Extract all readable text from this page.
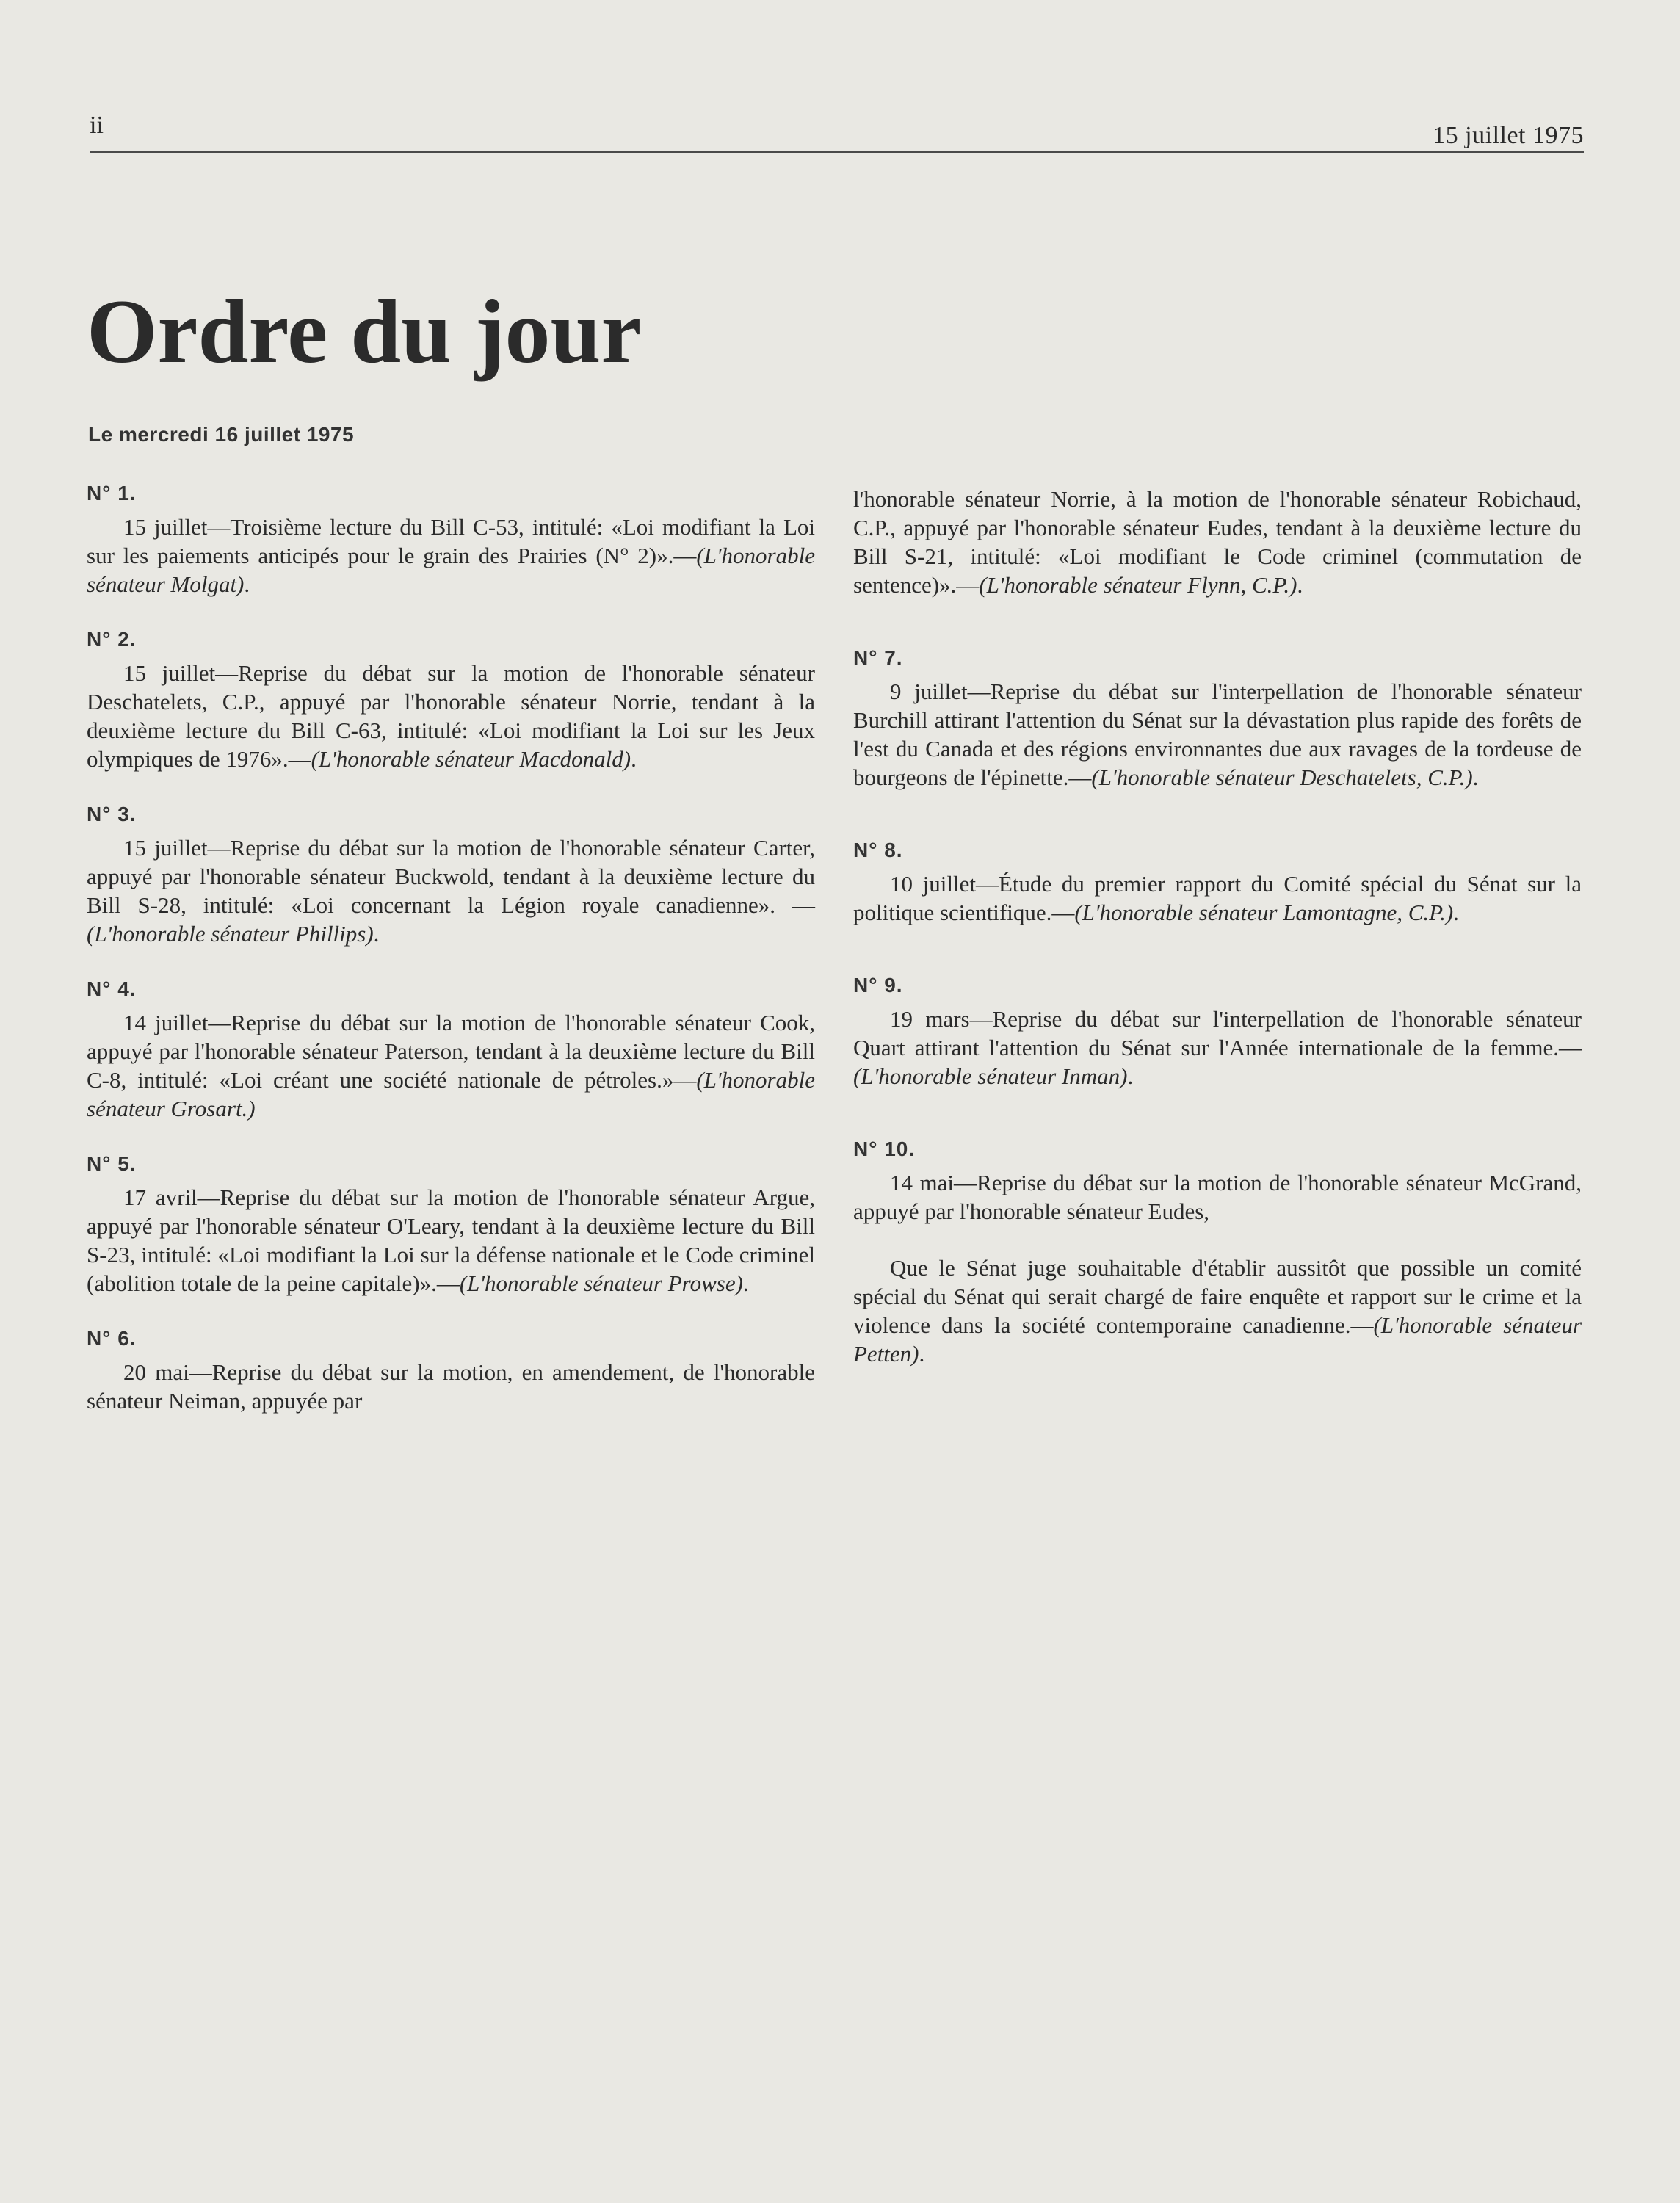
ii	15 juillet 1975
Ordre du jour
Le mercredi 16 juillet 1975
N° 1.

15 juillet—Troisième lecture du Bill C-53, intitulé: «Loi modifiant la Loi sur les paiements anticipés pour le grain des Prairies (N° 2)».—(L'honorable sénateur Molgat).

N° 2.

15 juillet—Reprise du débat sur la motion de l'honorable sénateur Deschatelets, C.P., appuyé par l'honorable sénateur Norrie, tendant à la deuxième lecture du Bill C-63, intitulé: «Loi modifiant la Loi sur les Jeux olympiques de 1976».—(L'honorable sénateur Macdonald).

N° 3.

15 juillet—Reprise du débat sur la motion de l'honorable sénateur Carter, appuyé par l'honorable sénateur Buckwold, tendant à la deuxième lecture du Bill S-28, intitulé: «Loi concernant la Légion royale canadienne». —(L'honorable sénateur Phillips).

N° 4.

14 juillet—Reprise du débat sur la motion de l'honorable sénateur Cook, appuyé par l'honorable sénateur Paterson, tendant à la deuxième lecture du Bill C-8, intitulé: «Loi créant une société nationale de pétroles.»—(L'honorable sénateur Grosart.)

N° 5.

17 avril—Reprise du débat sur la motion de l'honorable sénateur Argue, appuyé par l'honorable sénateur O'Leary, tendant à la deuxième lecture du Bill S-23, intitulé: «Loi modifiant la Loi sur la défense nationale et le Code criminel (abolition totale de la peine capitale)».—(L'honorable sénateur Prowse).

N° 6.

20 mai—Reprise du débat sur la motion, en amendement, de l'honorable sénateur Neiman, appuyée par

l'honorable sénateur Norrie, à la motion de l'honorable sénateur Robichaud, C.P., appuyé par l'honorable sénateur Eudes, tendant à la deuxième lecture du Bill S-21, intitulé: «Loi modifiant le Code criminel (commutation de sentence)».—(L'honorable sénateur Flynn, C.P.).

N° 7.

9 juillet—Reprise du débat sur l'interpellation de l'honorable sénateur Burchill attirant l'attention du Sénat sur la dévastation plus rapide des forêts de l'est du Canada et des régions environnantes due aux ravages de la tordeuse de bourgeons de l'épinette.—(L'honorable sénateur Deschatelets, C.P.).

N° 8.

10 juillet—Étude du premier rapport du Comité spécial du Sénat sur la politique scientifique.—(L'honorable sénateur Lamontagne, C.P.).

N° 9.

19 mars—Reprise du débat sur l'interpellation de l'honorable sénateur Quart attirant l'attention du Sénat sur l'Année internationale de la femme.—(L'honorable sénateur Inman).

N° 10.

14 mai—Reprise du débat sur la motion de l'honorable sénateur McGrand, appuyé par l'honorable sénateur Eudes,

Que le Sénat juge souhaitable d'établir aussitôt que possible un comité spécial du Sénat qui serait chargé de faire enquête et rapport sur le crime et la violence dans la société contemporaine canadienne.—(L'honorable sénateur Petten).
